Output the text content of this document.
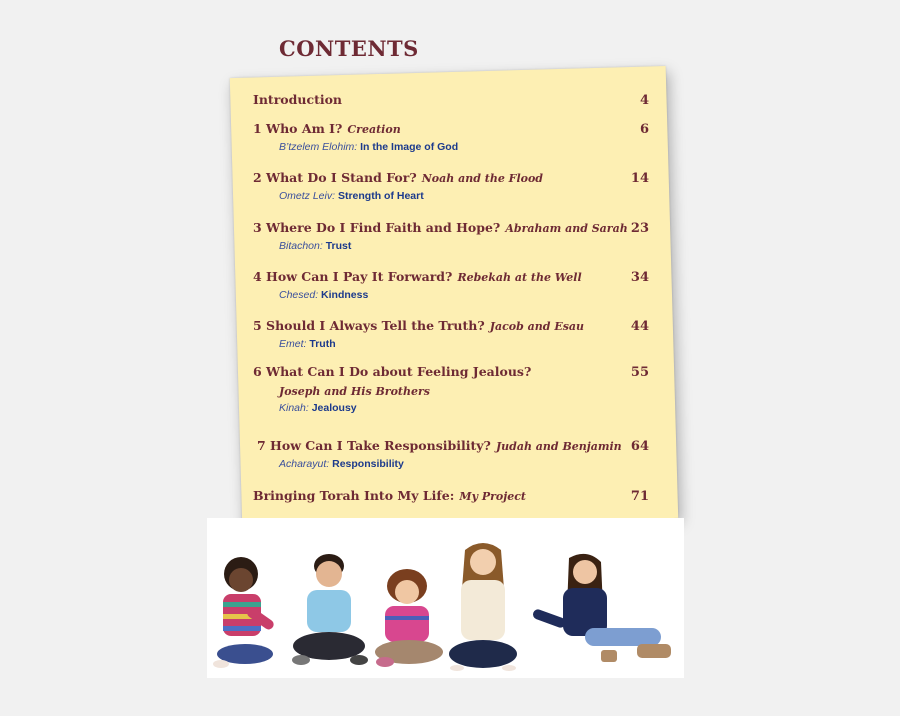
CONTENTS
Introduction	4
1 Who Am I? Creation	6
B’tzelem Elohim: In the Image of God
2 What Do I Stand For? Noah and the Flood	14
Ometz Leiv: Strength of Heart
3 Where Do I Find Faith and Hope? Abraham and Sarah 23
Bitachon: Trust
4 How Can I Pay It Forward? Rebekah at the Well	34
Chesed: Kindness
5 Should I Always Tell the Truth? Jacob and Esau	44
Emet: Truth
6 What Can I Do about Feeling Jealous?	55
Joseph and His Brothers
Kinah: Jealousy
7 How Can I Take Responsibility? Judah and Benjamin 64
Acharayut: Responsibility
Bringing Torah Into My Life: My Project	71
